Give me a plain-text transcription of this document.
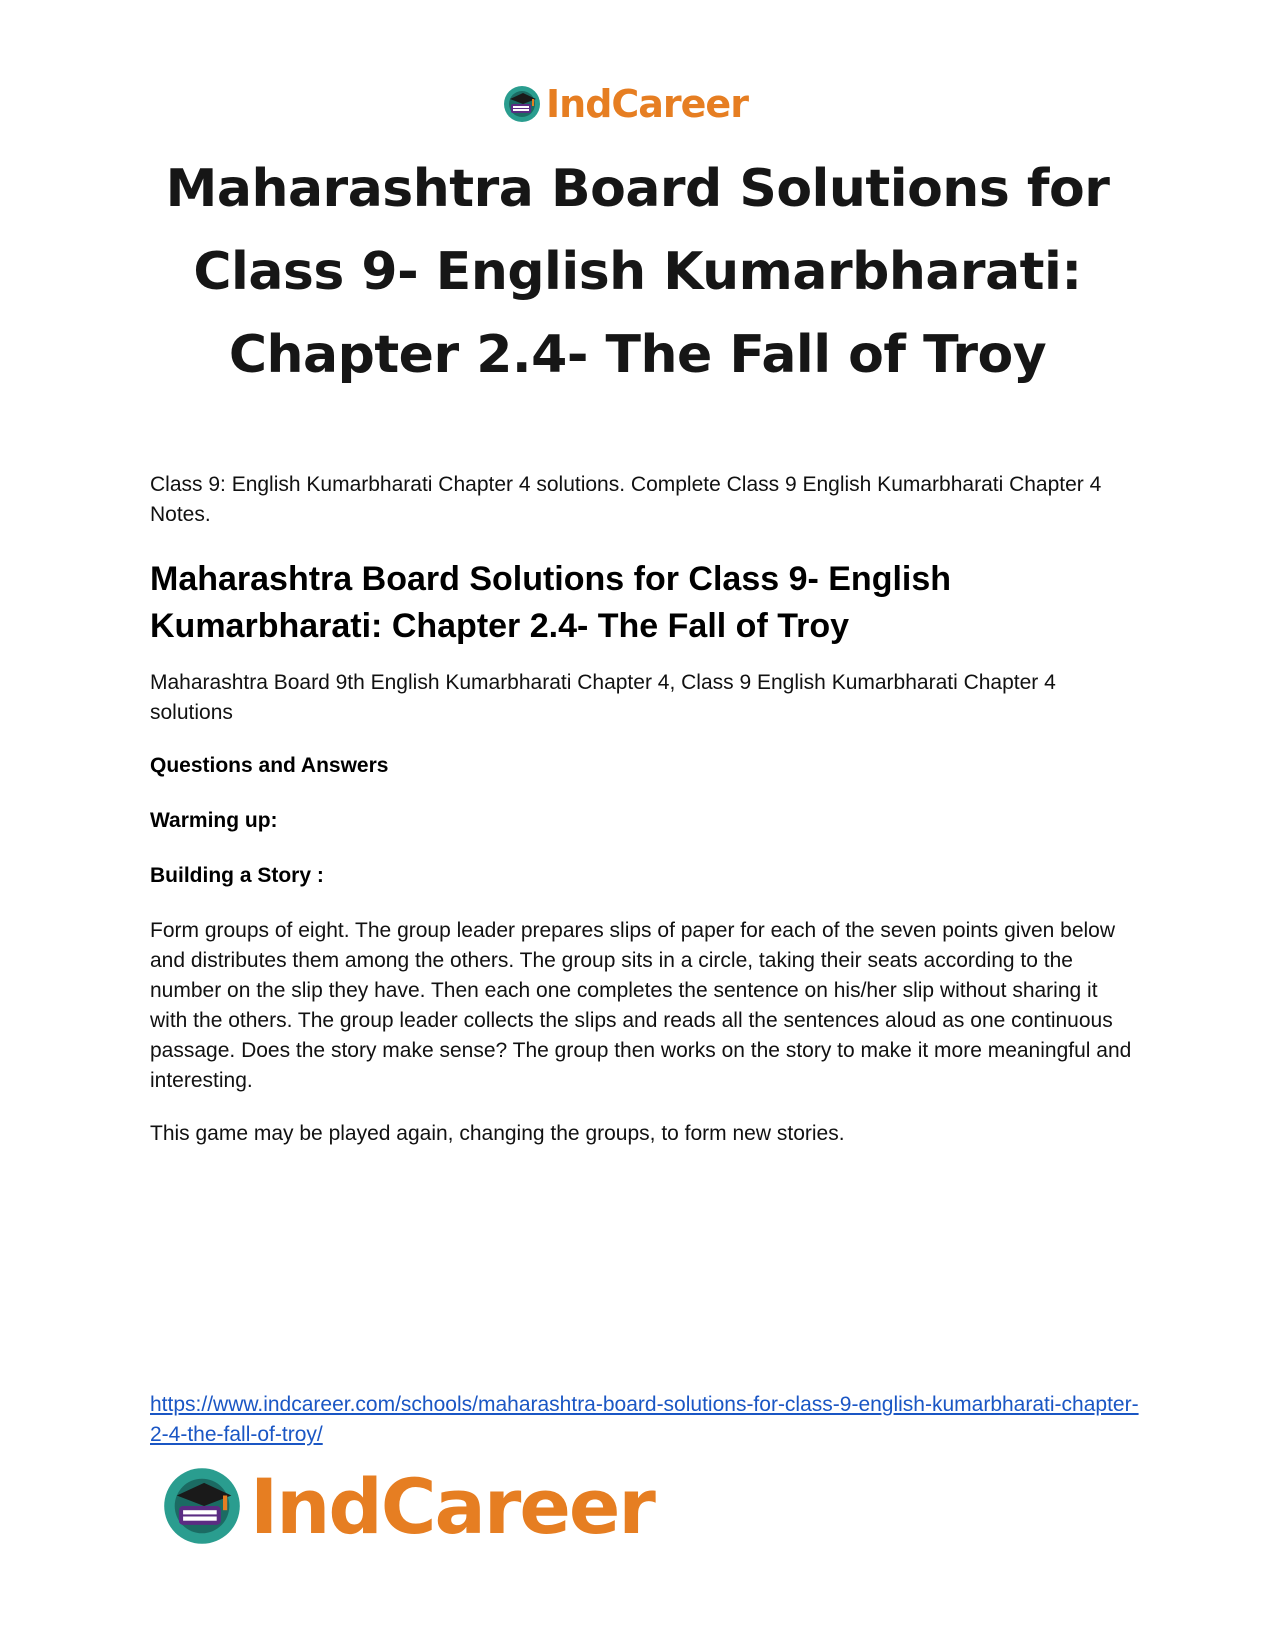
IndCareer
Maharashtra Board Solutions for
Class 9- English Kumarbharati:
Chapter 2.4- The Fall of Troy

Class 9: English Kumarbharati Chapter 4 solutions. Complete Class 9 English Kumarbharati Chapter 4 Notes.

Maharashtra Board Solutions for Class 9- English Kumarbharati: Chapter 2.4- The Fall of Troy

Maharashtra Board 9th English Kumarbharati Chapter 4, Class 9 English Kumarbharati Chapter 4 solutions

Questions and Answers

Warming up:

Building a Story :

Form groups of eight. The group leader prepares slips of paper for each of the seven points given below and distributes them among the others. The group sits in a circle, taking their seats according to the number on the slip they have. Then each one completes the sentence on his/her slip without sharing it with the others. The group leader collects the slips and reads all the sentences aloud as one continuous passage. Does the story make sense? The group then works on the story to make it more meaningful and interesting.

This game may be played again, changing the groups, to form new stories.

https://www.indcareer.com/schools/maharashtra-board-solutions-for-class-9-english-kumarbharati-chapter-2-4-the-fall-of-troy/
IndCareer
